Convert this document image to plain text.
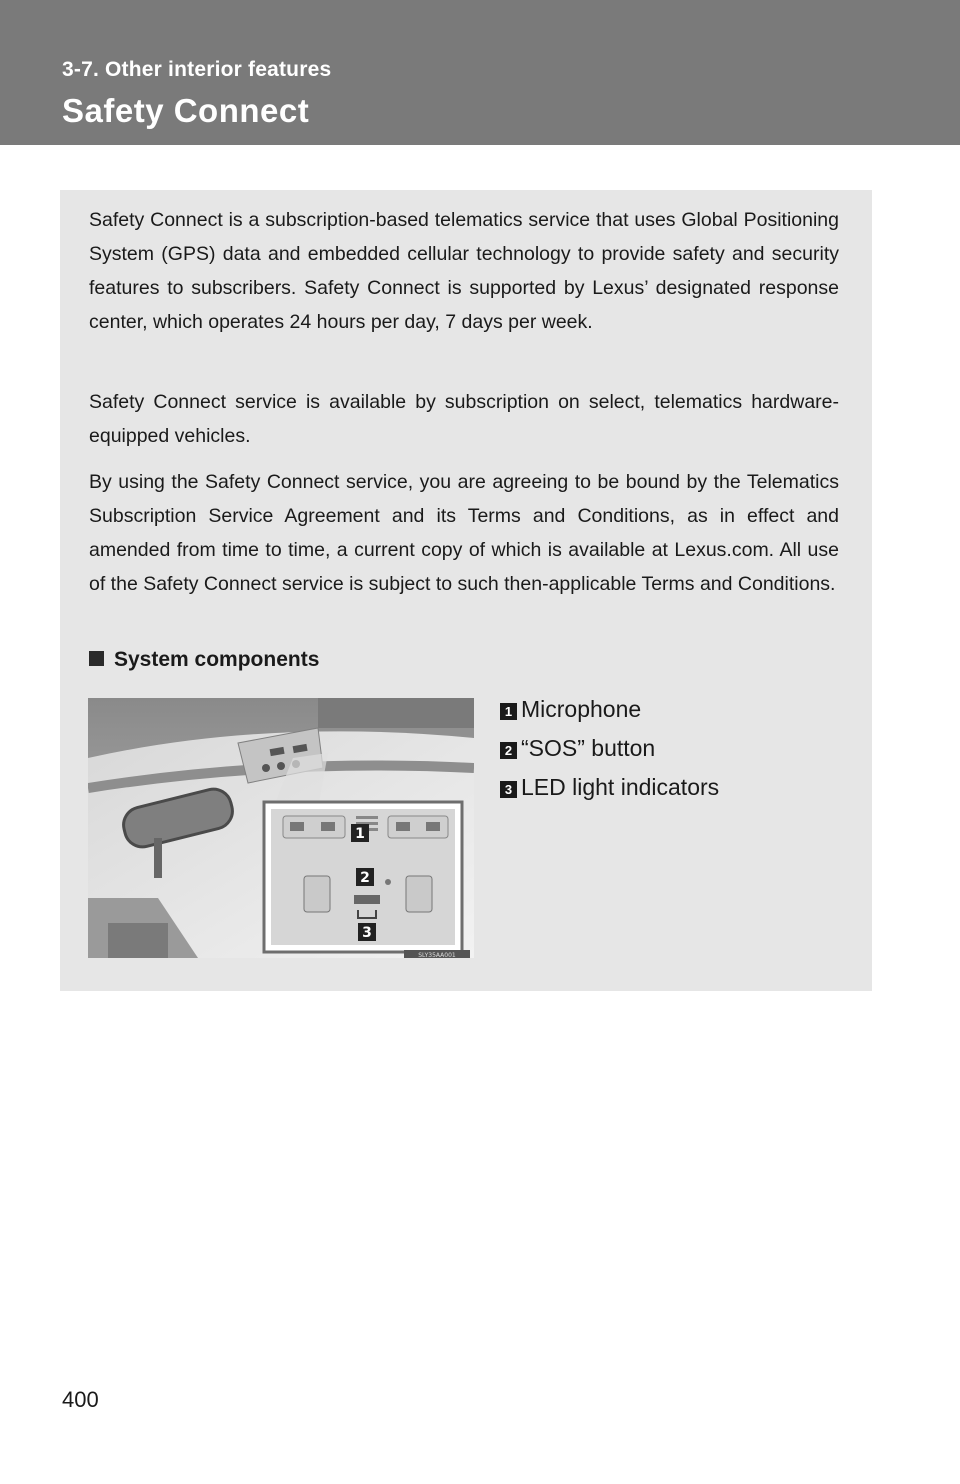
3-7. Other interior features
Safety Connect

Safety Connect is a subscription-based telematics service that uses Global Positioning System (GPS) data and embedded cellular technology to provide safety and security features to subscribers. Safety Connect is supported by Lexus’ designated response center, which operates 24 hours per day, 7 days per week.

Safety Connect service is available by subscription on select, telematics hardware-equipped vehicles.

By using the Safety Connect service, you are agreeing to be bound by the Telematics Subscription Service Agreement and its Terms and Conditions, as in effect and amended from time to time, a current copy of which is available at Lexus.com. All use of the Safety Connect service is subject to such then-applicable Terms and Conditions.

System components
1
2
3
SLY35AA001
1 Microphone
2 “SOS” button
3 LED light indicators
400
